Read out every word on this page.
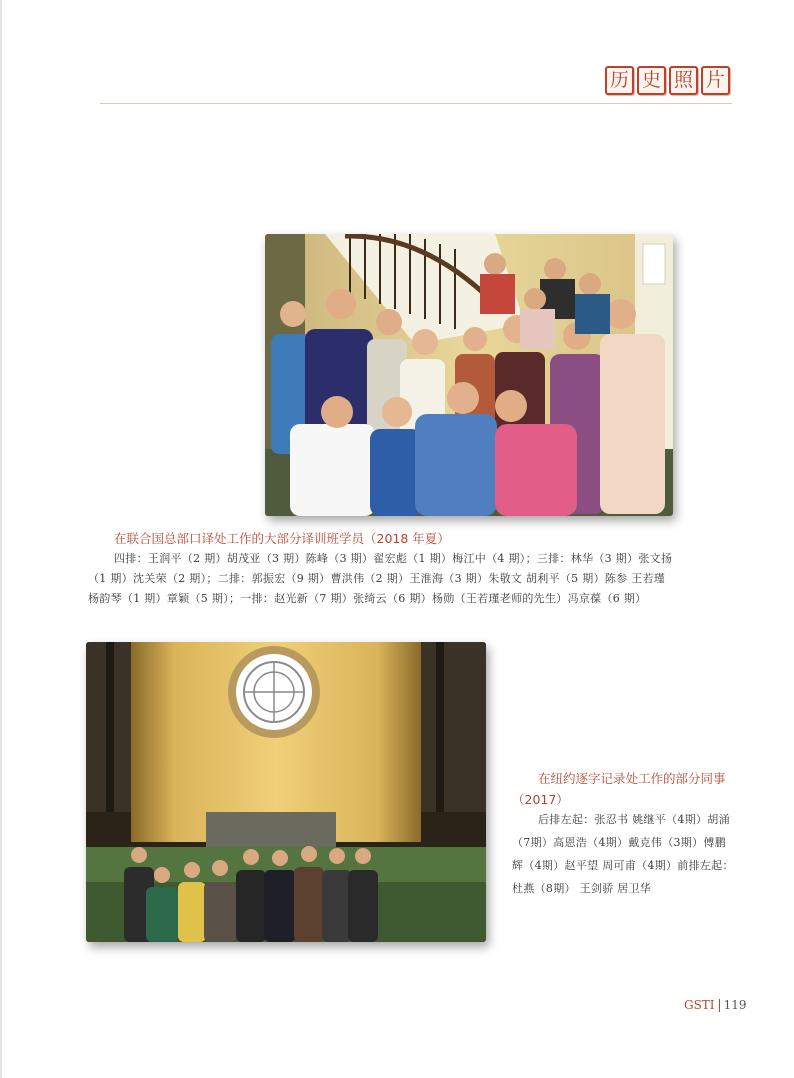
历 史 照 片
在联合国总部口译处工作的大部分译训班学员（2018 年夏）
四排：王润平（2 期）胡茂亚（3 期）陈峰（3 期）翟宏彪（1 期）梅江中（4 期）；三排：林华（3 期）张文扬（1 期）沈关荣（2 期）；二排：郭振宏（9 期）曹洪伟（2 期）王淮海（3 期）朱敬文 胡利平（5 期）陈参 王若瑾 杨韵琴（1 期）章颖（5 期）；一排：赵光新（7 期）张绮云（6 期）杨勋（王若瑾老师的先生）冯京葆（6 期）
在纽约逐字记录处工作的部分同事（2017）
后排左起：张忍书 姚继平（4期）胡涌（7期）高恩浩（4期）戴克伟（3期）傅鹏辉（4期）赵平望 周可甫（4期）前排左起：杜燕（8期） 王剑骄 居卫华
GSTI 119
